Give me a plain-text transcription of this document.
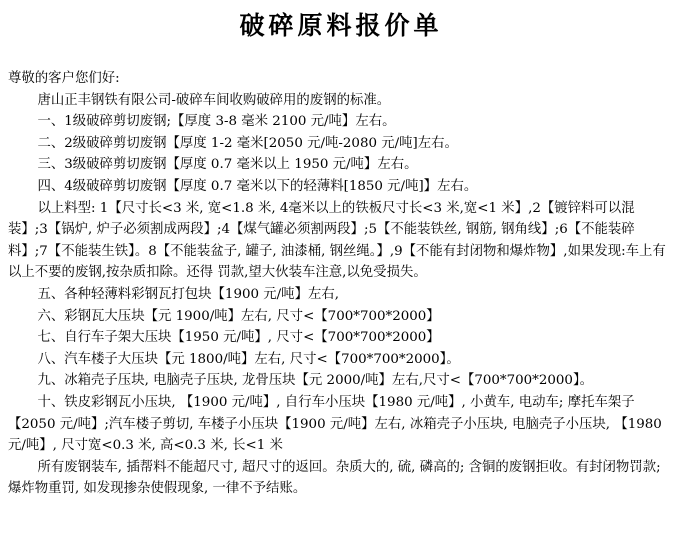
破碎原料报价单

尊敬的客户您们好:

唐山正丰钢铁有限公司-破碎车间收购破碎用的废钢的标准。

一、1级破碎剪切废钢;【厚度 3-8 毫米 2100 元/吨】左右。

二、2级破碎剪切废钢【厚度 1-2 毫米[2050 元/吨-2080 元/吨]左右。

三、3级破碎剪切废钢【厚度 0.7 毫米以上 1950 元/吨】左右。

四、4级破碎剪切废钢【厚度 0.7 毫米以下的轻薄料[1850 元/吨]】左右。

以上料型: 1【尺寸长<3 米, 宽<1.8 米, 4毫米以上的铁板尺寸长<3 米,宽<1 米】,2【镀锌料可以混装】;3【锅炉, 炉子必须割成两段】;4【煤气罐必须割两段】;5【不能装铁丝, 钢筋, 钢角线】;6【不能装碎料】;7【不能装生铁】。8【不能装盆子, 罐子, 油漆桶, 钢丝绳。】,9【不能有封闭物和爆炸物】,如果发现:车上有以上不要的废钢,按杂质扣除。还得 罚款,望大伙装车注意,以免受损失。

五、各种轻薄料彩钢瓦打包块【1900 元/吨】左右,

六、彩钢瓦大压块【元 1900/吨】左右, 尺寸<【700*700*2000】

七、自行车子架大压块【1950 元/吨】, 尺寸<【700*700*2000】

八、汽车楼子大压块【元 1800/吨】左右, 尺寸<【700*700*2000】。

九、冰箱壳子压块, 电脑壳子压块, 龙骨压块【元 2000/吨】左右,尺寸<【700*700*2000】。

十、铁皮彩钢瓦小压块, 【1900 元/吨】, 自行车小压块【1980 元/吨】, 小黄车, 电动车; 摩托车架子【2050 元/吨】;汽车楼子剪切, 车楼子小压块【1900 元/吨】左右, 冰箱壳子小压块, 电脑壳子小压块, 【1980 元/吨】, 尺寸宽<0.3 米, 高<0.3 米, 长<1 米

所有废钢装车, 插帮料不能超尺寸, 超尺寸的返回。杂质大的, 硫, 磷高的; 含铜的废钢拒收。有封闭物罚款; 爆炸物重罚, 如发现掺杂使假现象, 一律不予结账。
